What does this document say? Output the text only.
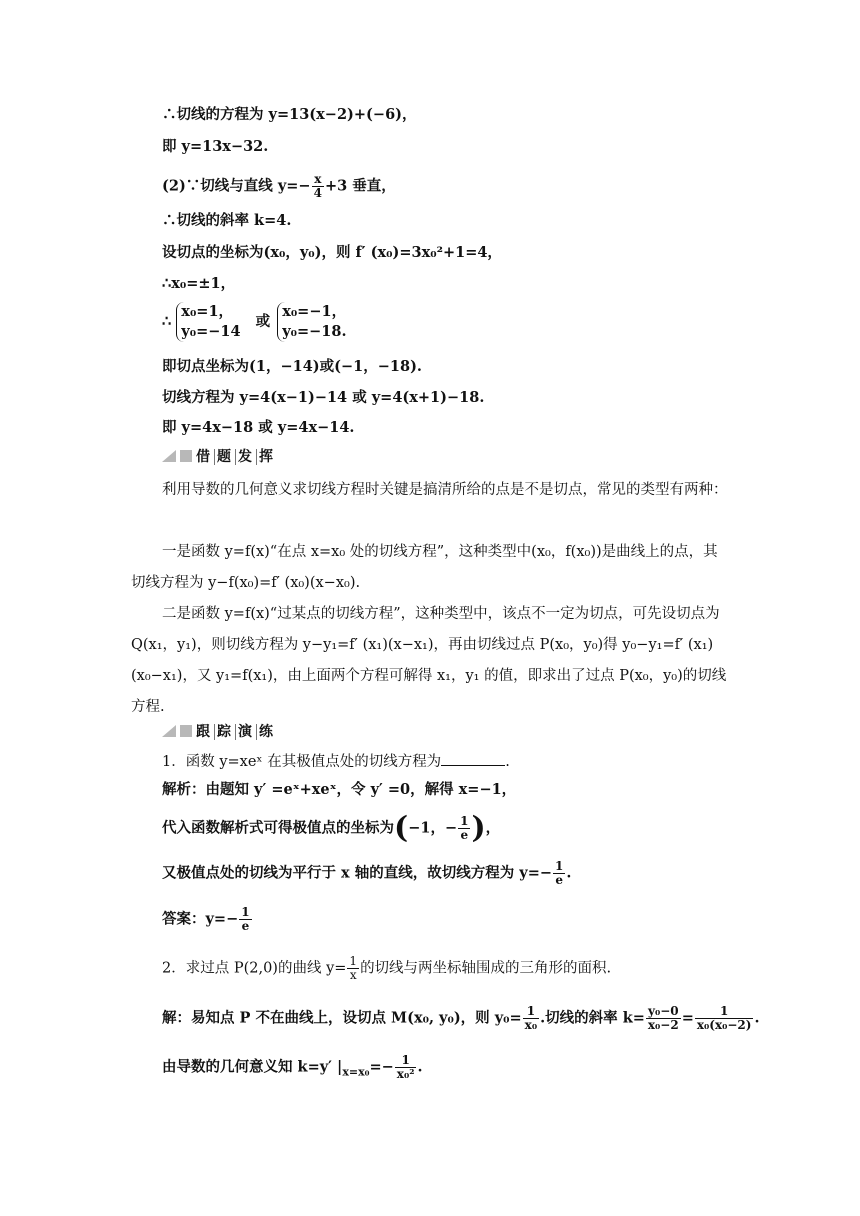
∴切线的方程为 y=13(x−2)+(−6)，
即 y=13x−32.
(2)∵切线与直线 $y=- \frac{x}{4} +3$ 垂直，
∴切线的斜率 k=4.
设切点的坐标为(x₀，y₀)，则 f′ (x₀)=3x₀²+1=4，
∴x₀=±1，
∴
x₀=1，
y₀=−14
或
x₀=−1，
y₀=−18.
即切点坐标为(1，−14)或(−1，−18).
切线方程为 y=4(x−1)−14 或 y=4(x+1)−18.
即 y=4x−18 或 y=4x−14.
借 题 发 挥
利用导数的几何意义求切线方程时关键是搞清所给的点是不是切点，常见的类型有两种：
一是函数 y=f(x)“在点 x=x₀ 处的切线方程”，这种类型中(x₀，f(x₀))是曲线上的点，其切线方程为 y−f(x₀)=f′ (x₀)(x−x₀).
二是函数 y=f(x)“过某点的切线方程”，这种类型中，该点不一定为切点，可先设切点为 Q(x₁，y₁)，则切线方程为 y−y₁=f′ (x₁)(x−x₁)，再由切线过点 P(x₀，y₀)得 y₀−y₁=f′ (x₁)(x₀−x₁)，又 y₁=f(x₁)，由上面两个方程可解得 x₁，y₁ 的值，即求出了过点 P(x₀，y₀)的切线方程.
跟 踪 演 练
1．函数 y=xeˣ 在其极值点处的切线方程为	.
解析：由题知 y′ =eˣ+xeˣ，令 y′ =0，解得 x=−1，
代入函数解析式可得极值点的坐标为(−1，− $\frac{1}{e}$ )，
又极值点处的切线为平行于 x 轴的直线，故切线方程为 $y=- \frac{1}{e}$ .
答案：$y=- \frac{1}{e}$
2．求过点 P(2,0)的曲线 $y= \frac{1}{x}$ 的切线与两坐标轴围成的三角形的面积.
解：易知点 P 不在曲线上，设切点 M(x₀, y₀)，则 $y_0= \frac{1}{\text{x₀}}$ .切线的斜率 $k= \frac{\text{y₀−0}}{\text{x₀−2}} = \frac{1}{\text{x₀(x₀−2)}}$ .
由导数的几何意义知 k=y′ $|_{x=x_0}=- \frac{1}{\text{x₀²}}$ .
